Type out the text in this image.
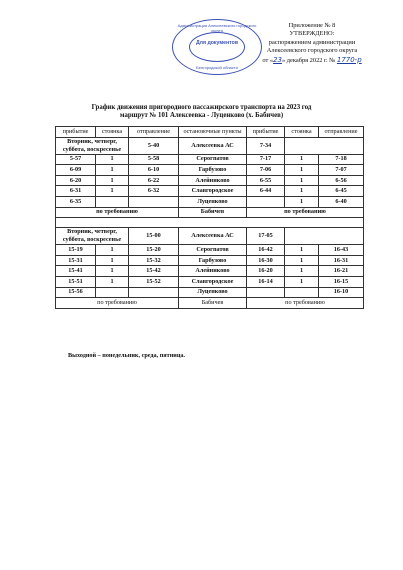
Приложение № 8
УТВЕРЖДЕНО:
распоряжением администрации
Алексеевского городского округа
от «23» декабря 2022 г. № 1770-р
Администрация Алексеевского городского округа
Для документов
Белгородской области
График движения пригородного пассажирского транспорта на 2023 год
маршрут № 101 Алексеевка - Луценково (х. Бабичев)
прибытие	стоянка	отправление	остановочные пункты	прибытие	стоянка	отправление
Вторник, четверг, суббота, воскресенье		5-40	Алексеевка АС	7-34		
5-57	1	5-58	Серогпатов	7-17	1	7-18
6-09	1	6-10	Гарбузово	7-06	1	7-07
6-20	1	6-22	Алейниково	6-55	1	6-56
6-31	1	6-32	Славгородское	6-44	1	6-45
6-35			Луценково		1	6-40
по требованию			Бабичев	по требованию		

Вторник, четверг, суббота, воскресенье		15-00	Алексеевка АС	17-05		
15-19	1	15-20	Серогпатов	16-42	1	16-43
15-31	1	15-32	Гарбузово	16-30	1	16-31
15-41	1	15-42	Алейниково	16-20	1	16-21
15-51	1	15-52	Славгородское	16-14	1	16-15
15-56			Луценково			16-10
по требованию			Бабичев	по требованию		
Выходной – понедельник, среда, пятница.
